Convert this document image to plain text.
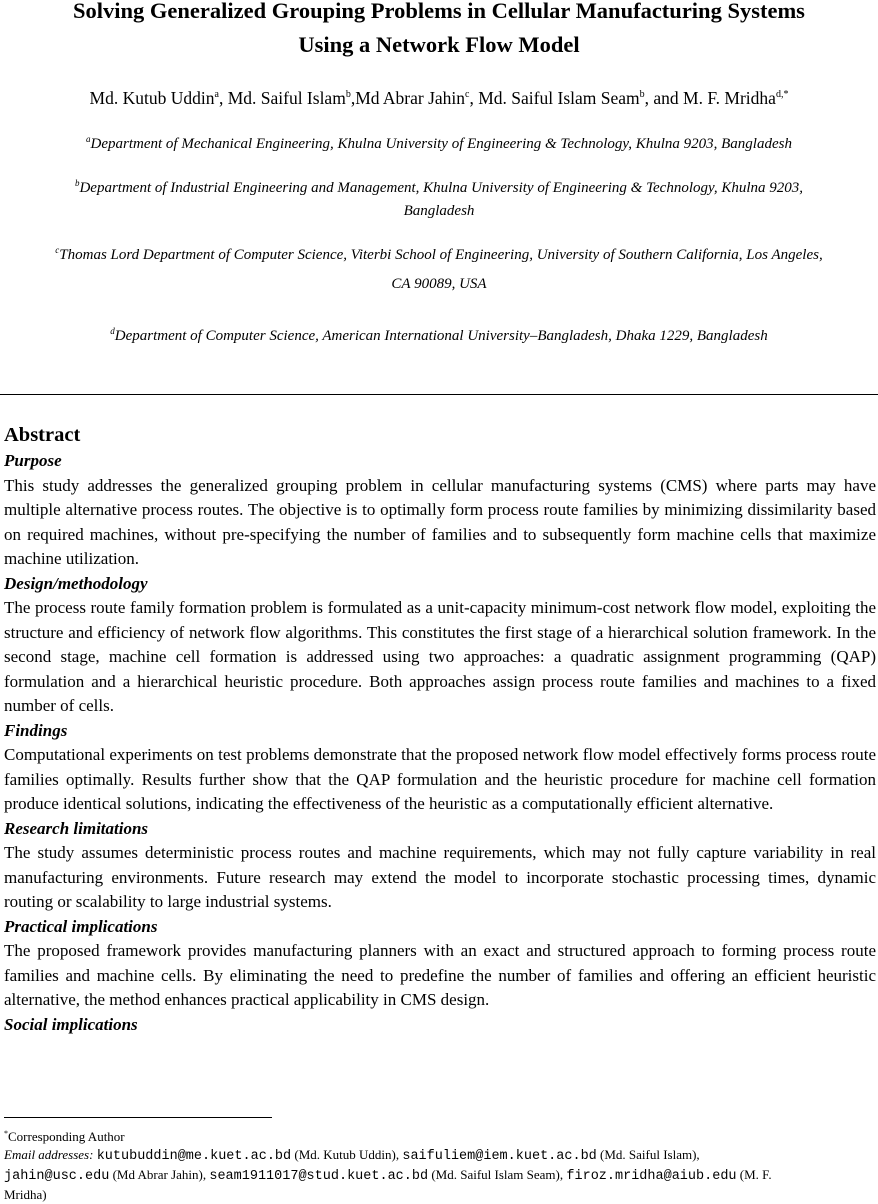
Solving Generalized Grouping Problems in Cellular Manufacturing Systems
Using a Network Flow Model
Md. Kutub Uddin$^a$, Md. Saiful Islam$^b$,Md Abrar Jahin$^c$, Md. Saiful Islam Seam$^b$, and M. F. Mridha$^{d,*}$
$^a$Department of Mechanical Engineering, Khulna University of Engineering & Technology, Khulna 9203, Bangladesh
$^b$Department of Industrial Engineering and Management, Khulna University of Engineering & Technology, Khulna 9203,
Bangladesh
$^c$Thomas Lord Department of Computer Science, Viterbi School of Engineering, University of Southern California, Los Angeles,
CA 90089, USA
$^d$Department of Computer Science, American International University–Bangladesh, Dhaka 1229, Bangladesh
Abstract
Purpose

This study addresses the generalized grouping problem in cellular manufacturing systems (CMS) where parts may have multiple alternative process routes. The objective is to optimally form process route families by minimizing dissimilarity based on required machines, without pre-specifying the number of families and to subsequently form machine cells that maximize machine utilization.

Design/methodology

The process route family formation problem is formulated as a unit-capacity minimum-cost network flow model, exploiting the structure and efficiency of network flow algorithms. This constitutes the first stage of a hierarchical solution framework. In the second stage, machine cell formation is addressed using two approaches: a quadratic assignment programming (QAP) formulation and a hierarchical heuristic procedure. Both approaches assign process route families and machines to a fixed number of cells.

Findings

Computational experiments on test problems demonstrate that the proposed network flow model effectively forms process route families optimally. Results further show that the QAP formulation and the heuristic procedure for machine cell formation produce identical solutions, indicating the effectiveness of the heuristic as a computationally efficient alternative.

Research limitations

The study assumes deterministic process routes and machine requirements, which may not fully capture variability in real manufacturing environments. Future research may extend the model to incorporate stochastic processing times, dynamic routing or scalability to large industrial systems.

Practical implications

The proposed framework provides manufacturing planners with an exact and structured approach to forming process route families and machine cells. By eliminating the need to predefine the number of families and offering an efficient heuristic alternative, the method enhances practical applicability in CMS design.

Social implications
*Corresponding Author
Email addresses: kutubuddin@me.kuet.ac.bd (Md. Kutub Uddin), saifuliem@iem.kuet.ac.bd (Md. Saiful Islam),
jahin@usc.edu (Md Abrar Jahin), seam1911017@stud.kuet.ac.bd (Md. Saiful Islam Seam), firoz.mridha@aiub.edu (M. F.
Mridha)
